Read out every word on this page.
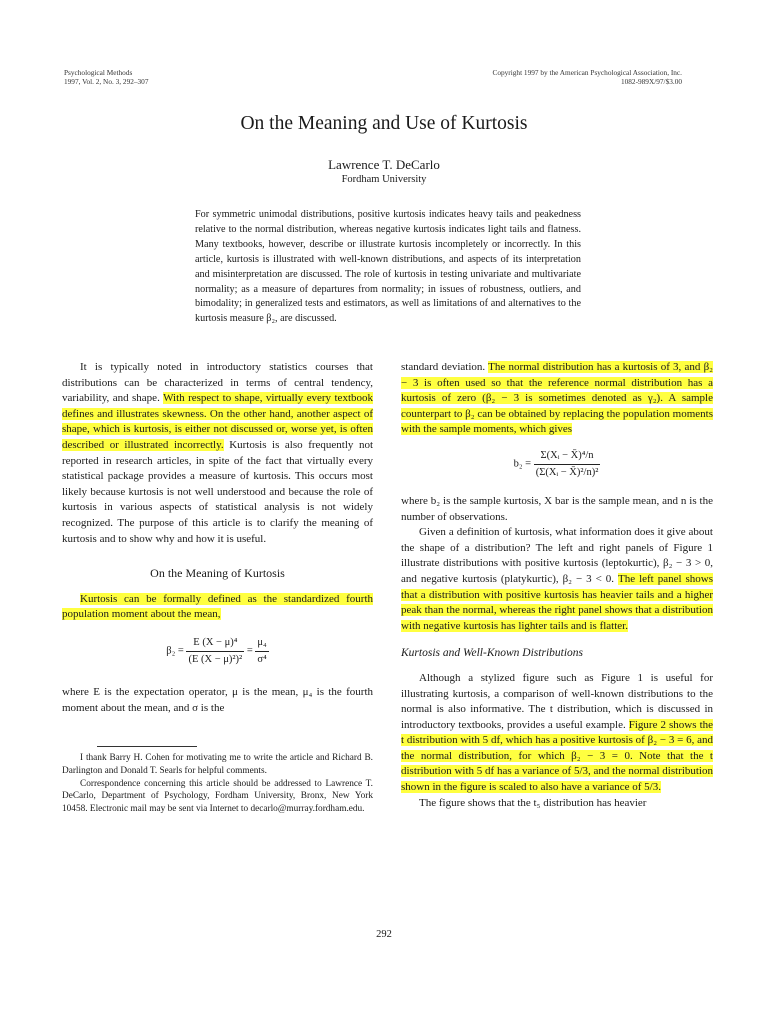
Psychological Methods
1997, Vol. 2, No. 3, 292–307
Copyright 1997 by the American Psychological Association, Inc.
1082-989X/97/$3.00
On the Meaning and Use of Kurtosis
Lawrence T. DeCarlo
Fordham University
For symmetric unimodal distributions, positive kurtosis indicates heavy tails and peakedness relative to the normal distribution, whereas negative kurtosis indicates light tails and flatness. Many textbooks, however, describe or illustrate kurtosis incompletely or incorrectly. In this article, kurtosis is illustrated with well-known distributions, and aspects of its interpretation and misinterpretation are discussed. The role of kurtosis in testing univariate and multivariate normality; as a measure of departures from normality; in issues of robustness, outliers, and bimodality; in generalized tests and estimators, as well as limitations of and alternatives to the kurtosis measure β₂, are discussed.

It is typically noted in introductory statistics courses that distributions can be characterized in terms of central tendency, variability, and shape. With respect to shape, virtually every textbook defines and illustrates skewness. On the other hand, another aspect of shape, which is kurtosis, is either not discussed or, worse yet, is often described or illustrated incorrectly. Kurtosis is also frequently not reported in research articles, in spite of the fact that virtually every statistical package provides a measure of kurtosis. This occurs most likely because kurtosis is not well understood and because the role of kurtosis in various aspects of statistical analysis is not widely recognized. The purpose of this article is to clarify the meaning of kurtosis and to show why and how it is useful.

On the Meaning of Kurtosis

Kurtosis can be formally defined as the standardized fourth population moment about the mean,

$\beta_2 = \frac{\text{E (X − μ)⁴}}{\text{(E (X − μ)²)²}} = \frac{\text{μ₄}}{\text{σ⁴}}$

where E is the expectation operator, μ is the mean, μ₄ is the fourth moment about the mean, and σ is the

I thank Barry H. Cohen for motivating me to write the article and Richard B. Darlington and Donald T. Searls for helpful comments.

Correspondence concerning this article should be addressed to Lawrence T. DeCarlo, Department of Psychology, Fordham University, Bronx, New York 10458. Electronic mail may be sent via Internet to decarlo@murray.fordham.edu.

standard deviation. The normal distribution has a kurtosis of 3, and β₂ − 3 is often used so that the reference normal distribution has a kurtosis of zero (β₂ − 3 is sometimes denoted as γ₂). A sample counterpart to β₂ can be obtained by replacing the population moments with the sample moments, which gives

$b_2 = \frac{\text{Σ(Xᵢ − X̄)⁴/n}}{\text{(Σ(Xᵢ − X̄)²/n)²}}$

where b₂ is the sample kurtosis, X bar is the sample mean, and n is the number of observations.

Given a definition of kurtosis, what information does it give about the shape of a distribution? The left and right panels of Figure 1 illustrate distributions with positive kurtosis (leptokurtic), β₂ − 3 > 0, and negative kurtosis (platykurtic), β₂ − 3 < 0. The left panel shows that a distribution with positive kurtosis has heavier tails and a higher peak than the normal, whereas the right panel shows that a distribution with negative kurtosis has lighter tails and is flatter.

Kurtosis and Well-Known Distributions

Although a stylized figure such as Figure 1 is useful for illustrating kurtosis, a comparison of well-known distributions to the normal is also informative. The t distribution, which is discussed in introductory textbooks, provides a useful example. Figure 2 shows the t distribution with 5 df, which has a positive kurtosis of β₂ − 3 = 6, and the normal distribution, for which β₂ − 3 = 0. Note that the t distribution with 5 df has a variance of 5/3, and the normal distribution shown in the figure is scaled to also have a variance of 5/3.

The figure shows that the t₅ distribution has heavier

292
